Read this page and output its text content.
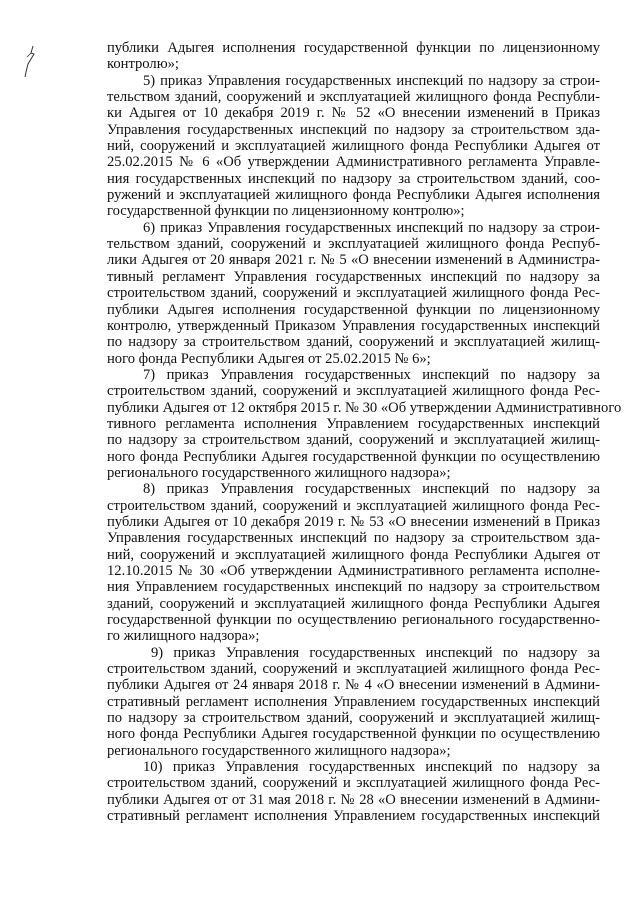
публики Адыгея исполнения государственной функции по лицензионному
контролю»;
5) приказ Управления государственных инспекций по надзору за строи-
тельством зданий, сооружений и эксплуатацией жилищного фонда Республи-
ки Адыгея от 10 декабря 2019 г. № 52 «О внесении изменений в Приказ
Управления государственных инспекций по надзору за строительством зда-
ний, сооружений и эксплуатацией жилищного фонда Республики Адыгея от
25.02.2015 № 6 «Об утверждении Административного регламента Управле-
ния государственных инспекций по надзору за строительством зданий, соо-
ружений и эксплуатацией жилищного фонда Республики Адыгея исполнения
государственной функции по лицензионному контролю»;
6) приказ Управления государственных инспекций по надзору за строи-
тельством зданий, сооружений и эксплуатацией жилищного фонда Респуб-
лики Адыгея от 20 января 2021 г. № 5 «О внесении изменений в Администра-
тивный регламент Управления государственных инспекций по надзору за
строительством зданий, сооружений и эксплуатацией жилищного фонда Рес-
публики Адыгея исполнения государственной функции по лицензионному
контролю, утвержденный Приказом Управления государственных инспекций
по надзору за строительством зданий, сооружений и эксплуатацией жилищ-
ного фонда Республики Адыгея от 25.02.2015 № 6»;
7) приказ Управления государственных инспекций по надзору за
строительством зданий, сооружений и эксплуатацией жилищного фонда Рес-
публики Адыгея от 12 октября 2015 г. № 30 «Об утверждении Административного
тивного регламента исполнения Управлением государственных инспекций
по надзору за строительством зданий, сооружений и эксплуатацией жилищ-
ного фонда Республики Адыгея государственной функции по осуществлению
регионального государственного жилищного надзора»;
8) приказ Управления государственных инспекций по надзору за
строительством зданий, сооружений и эксплуатацией жилищного фонда Рес-
публики Адыгея от 10 декабря 2019 г. № 53 «О внесении изменений в Приказ
Управления государственных инспекций по надзору за строительством зда-
ний, сооружений и эксплуатацией жилищного фонда Республики Адыгея от
12.10.2015 № 30 «Об утверждении Административного регламента исполне-
ния Управлением государственных инспекций по надзору за строительством
зданий, сооружений и эксплуатацией жилищного фонда Республики Адыгея
государственной функции по осуществлению регионального государственно-
го жилищного надзора»;
9) приказ Управления государственных инспекций по надзору за
строительством зданий, сооружений и эксплуатацией жилищного фонда Рес-
публики Адыгея от 24 января 2018 г. № 4 «О внесении изменений в Админи-
стративный регламент исполнения Управлением государственных инспекций
по надзору за строительством зданий, сооружений и эксплуатацией жилищ-
ного фонда Республики Адыгея государственной функции по осуществлению
регионального государственного жилищного надзора»;
10) приказ Управления государственных инспекций по надзору за
строительством зданий, сооружений и эксплуатацией жилищного фонда Рес-
публики Адыгея от от 31 мая 2018 г. № 28 «О внесении изменений в Админи-
стративный регламент исполнения Управлением государственных инспекций
